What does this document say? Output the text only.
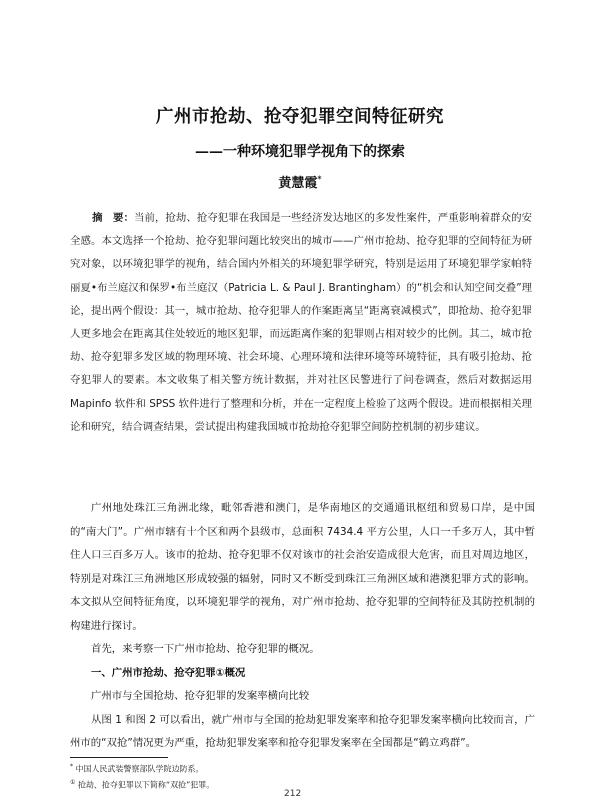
广州市抢劫、抢夺犯罪空间特征研究
——一种环境犯罪学视角下的探索
黄慧霞*
摘　要：当前，抢劫、抢夺犯罪在我国是一些经济发达地区的多发性案件，严重影响着群众的安全感。本文选择一个抢劫、抢夺犯罪问题比较突出的城市——广州市抢劫、抢夺犯罪的空间特征为研究对象，以环境犯罪学的视角，结合国内外相关的环境犯罪学研究，特别是运用了环境犯罪学家帕特丽夏•布兰庭汉和保罗•布兰庭汉（Patricia L. & Paul J. Brantingham）的“机会和认知空间交叠”理论，提出两个假设：其一，城市抢劫、抢夺犯罪人的作案距离呈“距离衰减模式”，即抢劫、抢夺犯罪人更多地会在距离其住处较近的地区犯罪，而远距离作案的犯罪则占相对较少的比例。其二，城市抢劫、抢夺犯罪多发区域的物理环境、社会环境、心理环境和法律环境等环境特征，具有吸引抢劫、抢夺犯罪人的要素。本文收集了相关警方统计数据，并对社区民警进行了问卷调查，然后对数据运用 Mapinfo 软件和 SPSS 软件进行了整理和分析，并在一定程度上检验了这两个假设。进而根据相关理论和研究，结合调查结果，尝试提出构建我国城市抢劫抢夺犯罪空间防控机制的初步建议。

广州地处珠江三角洲北缘，毗邻香港和澳门，是华南地区的交通通讯枢纽和贸易口岸，是中国的“南大门”。广州市辖有十个区和两个县级市，总面积 7434.4 平方公里，人口一千多万人，其中暂住人口三百多万人。该市的抢劫、抢夺犯罪不仅对该市的社会治安造成很大危害，而且对周边地区，特别是对珠江三角洲地区形成较强的辐射，同时又不断受到珠江三角洲区域和港澳犯罪方式的影响。本文拟从空间特征角度，以环境犯罪学的视角，对广州市抢劫、抢夺犯罪的空间特征及其防控机制的构建进行探讨。

首先，来考察一下广州市抢劫、抢夺犯罪的概况。

一、广州市抢劫、抢夺犯罪①概况

广州市与全国抢劫、抢夺犯罪的发案率横向比较

从图 1 和图 2 可以看出，就广州市与全国的抢劫犯罪发案率和抢夺犯罪发案率横向比较而言，广州市的“双抢”情况更为严重，抢劫犯罪发案率和抢夺犯罪发案率在全国都是“鹤立鸡群”。

* 中国人民武装警察部队学院边防系。
① 抢劫、抢夺犯罪以下简称“双抢”犯罪。
212
